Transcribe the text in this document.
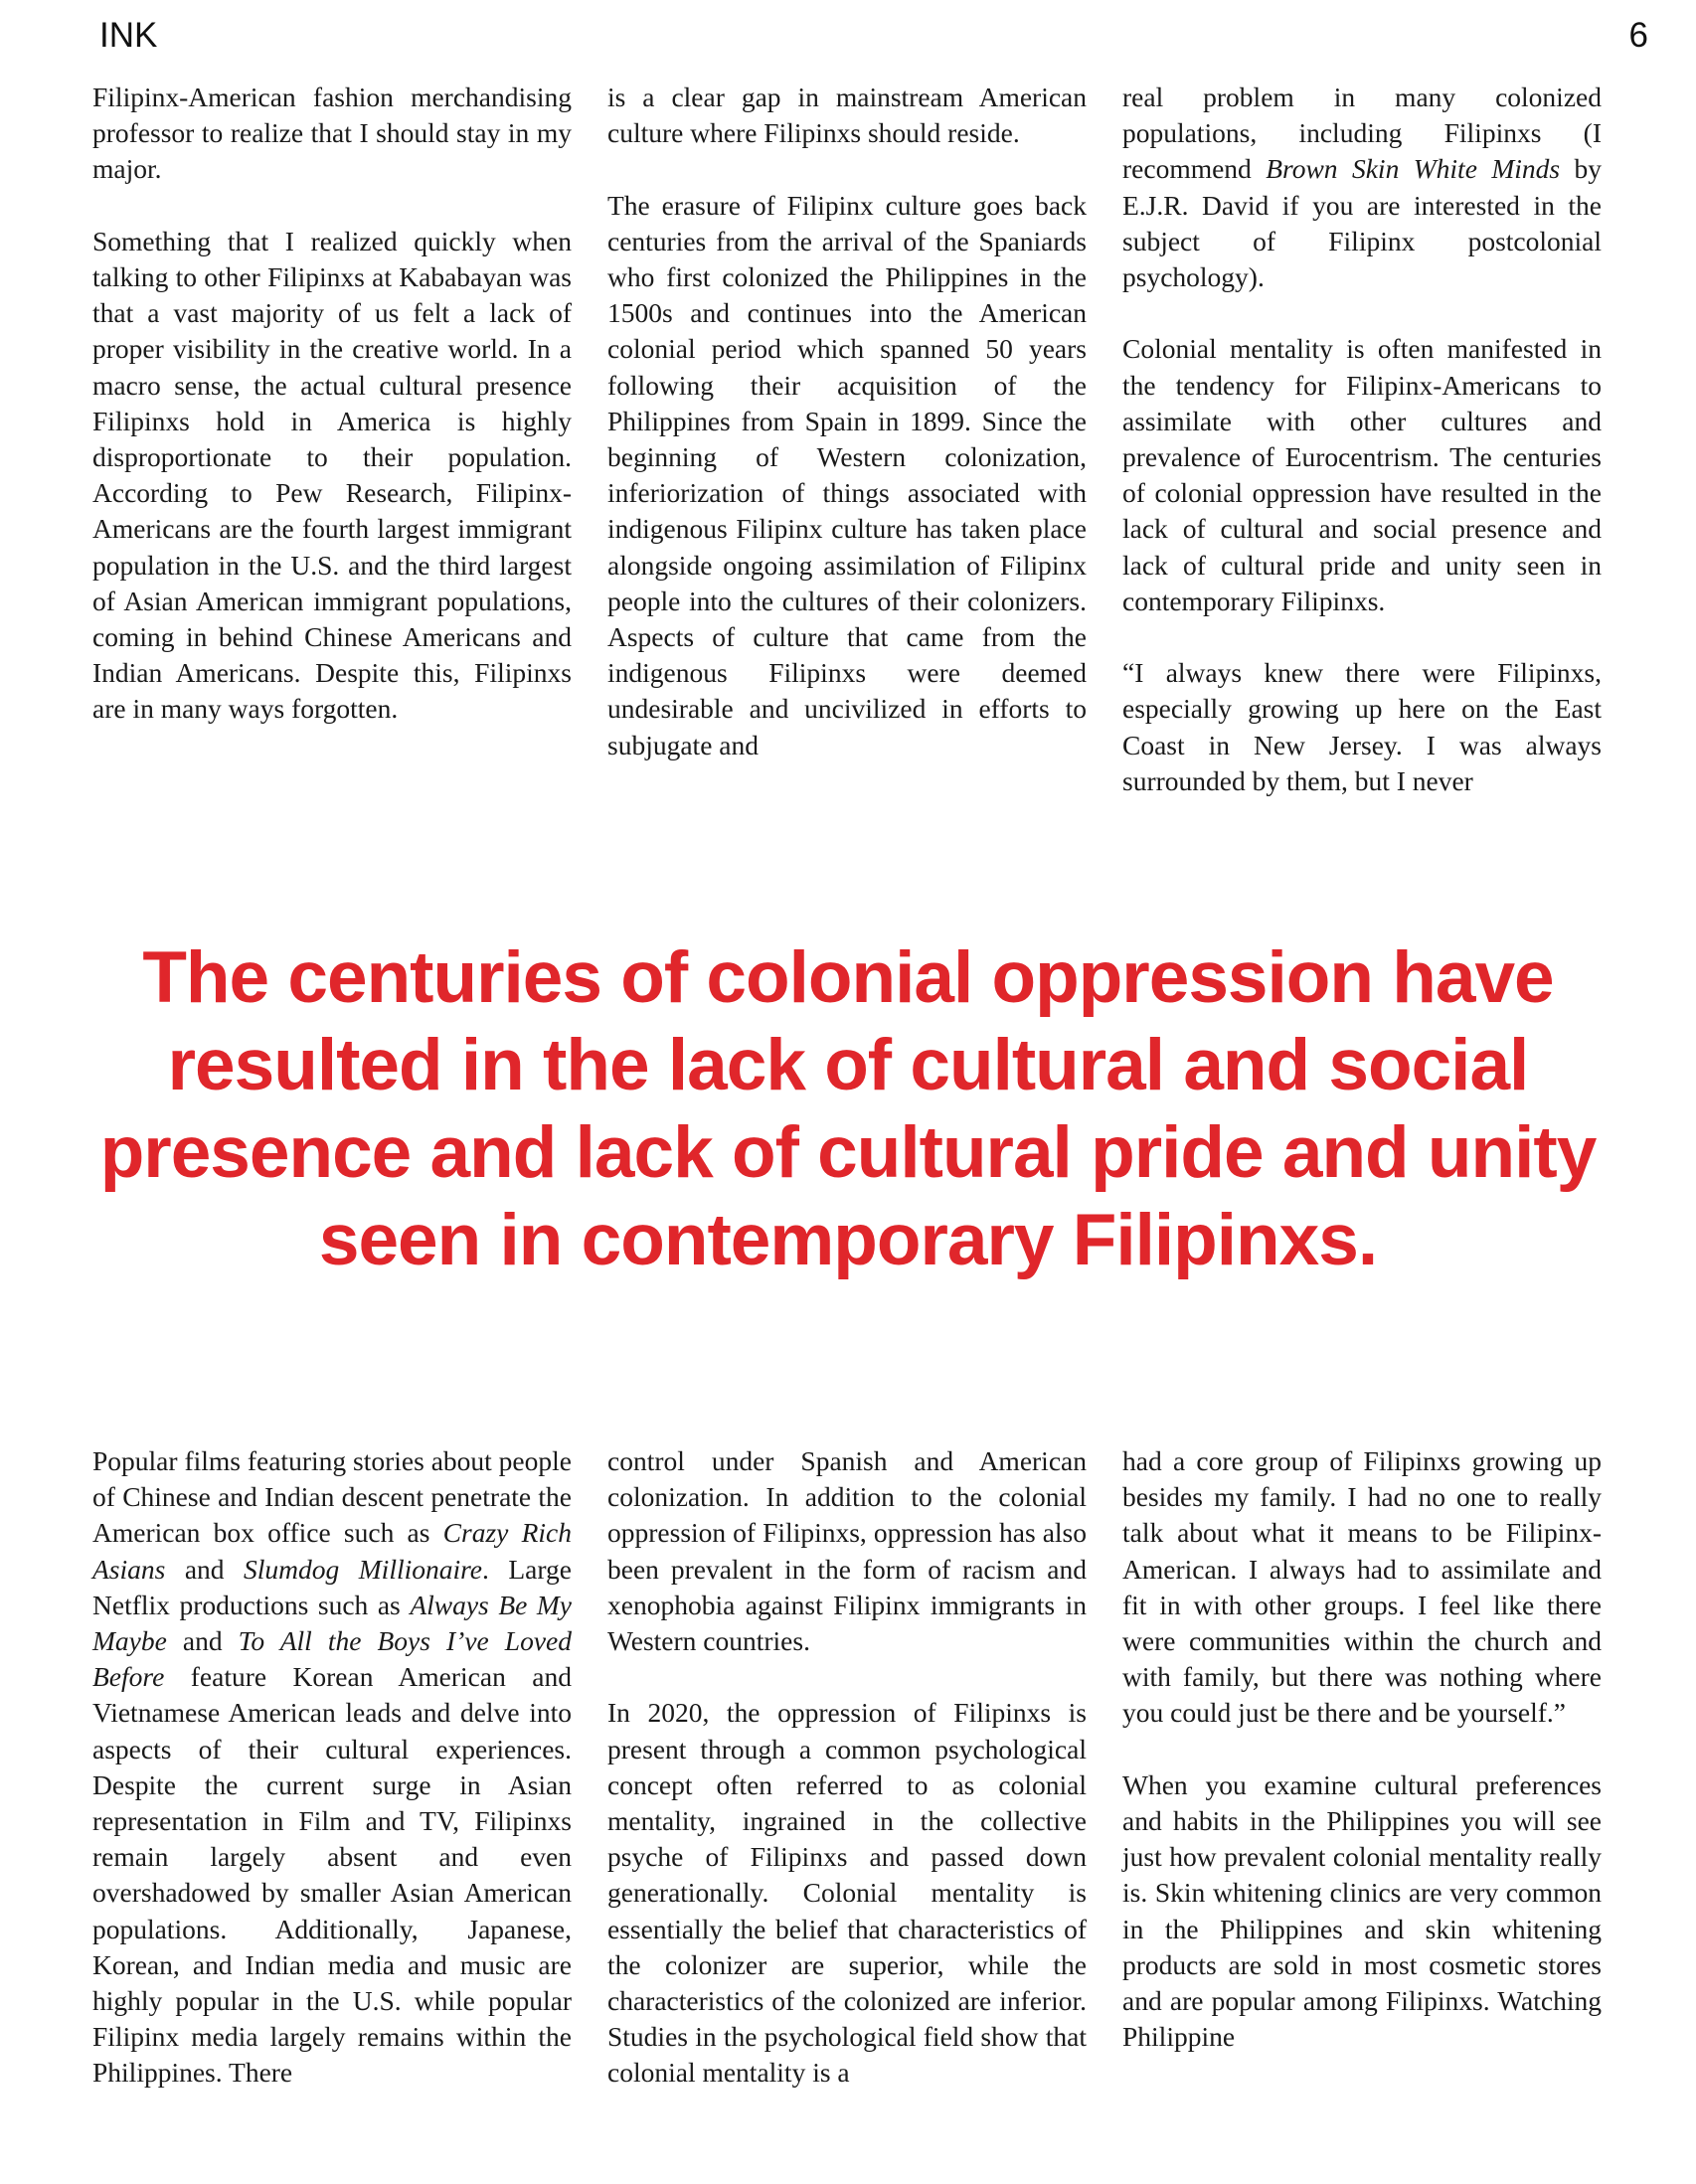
INK	6

Filipinx-American fashion merchandising professor to realize that I should stay in my major.

Something that I realized quickly when talking to other Filipinxs at Kababayan was that a vast majority of us felt a lack of proper visibility in the creative world. In a macro sense, the actual cultural presence Filipinxs hold in America is highly disproportionate to their population. According to Pew Research, Filipinx-Americans are the fourth largest immigrant population in the U.S. and the third largest of Asian American immigrant populations, coming in behind Chinese Americans and Indian Americans. Despite this, Filipinxs are in many ways forgotten.

is a clear gap in mainstream American culture where Filipinxs should reside.

The erasure of Filipinx culture goes back centuries from the arrival of the Spaniards who first colonized the Philippines in the 1500s and continues into the American colonial period which spanned 50 years following their acquisition of the Philippines from Spain in 1899. Since the beginning of Western colonization, inferiorization of things associated with indigenous Filipinx culture has taken place alongside ongoing assimilation of Filipinx people into the cultures of their colonizers. Aspects of culture that came from the indigenous Filipinxs were deemed undesirable and uncivilized in efforts to subjugate and

real problem in many colonized populations, including Filipinxs (I recommend Brown Skin White Minds by E.J.R. David if you are interested in the subject of Filipinx postcolonial psychology).

Colonial mentality is often manifested in the tendency for Filipinx-Americans to assimilate with other cultures and prevalence of Eurocentrism. The centuries of colonial oppression have resulted in the lack of cultural and social presence and lack of cultural pride and unity seen in contemporary Filipinxs.

“I always knew there were Filipinxs, especially growing up here on the East Coast in New Jersey. I was always surrounded by them, but I never

The centuries of colonial oppression have resulted in the lack of cultural and social presence and lack of cultural pride and unity seen in contemporary Filipinxs.

Popular films featuring stories about people of Chinese and Indian descent penetrate the American box office such as Crazy Rich Asians and Slumdog Millionaire. Large Netflix productions such as Always Be My Maybe and To All the Boys I’ve Loved Before feature Korean American and Vietnamese American leads and delve into aspects of their cultural experiences. Despite the current surge in Asian representation in Film and TV, Filipinxs remain largely absent and even overshadowed by smaller Asian American populations. Additionally, Japanese, Korean, and Indian media and music are highly popular in the U.S. while popular Filipinx media largely remains within the Philippines. There

control under Spanish and American colonization. In addition to the colonial oppression of Filipinxs, oppression has also been prevalent in the form of racism and xenophobia against Filipinx immigrants in Western countries.

In 2020, the oppression of Filipinxs is present through a common psychological concept often referred to as colonial mentality, ingrained in the collective psyche of Filipinxs and passed down generationally. Colonial mentality is essentially the belief that characteristics of the colonizer are superior, while the characteristics of the colonized are inferior. Studies in the psychological field show that colonial mentality is a

had a core group of Filipinxs growing up besides my family. I had no one to really talk about what it means to be Filipinx-American. I always had to assimilate and fit in with other groups. I feel like there were communities within the church and with family, but there was nothing where you could just be there and be yourself.”

When you examine cultural preferences and habits in the Philippines you will see just how prevalent colonial mentality really is. Skin whitening clinics are very common in the Philippines and skin whitening products are sold in most cosmetic stores and are popular among Filipinxs. Watching Philippine
